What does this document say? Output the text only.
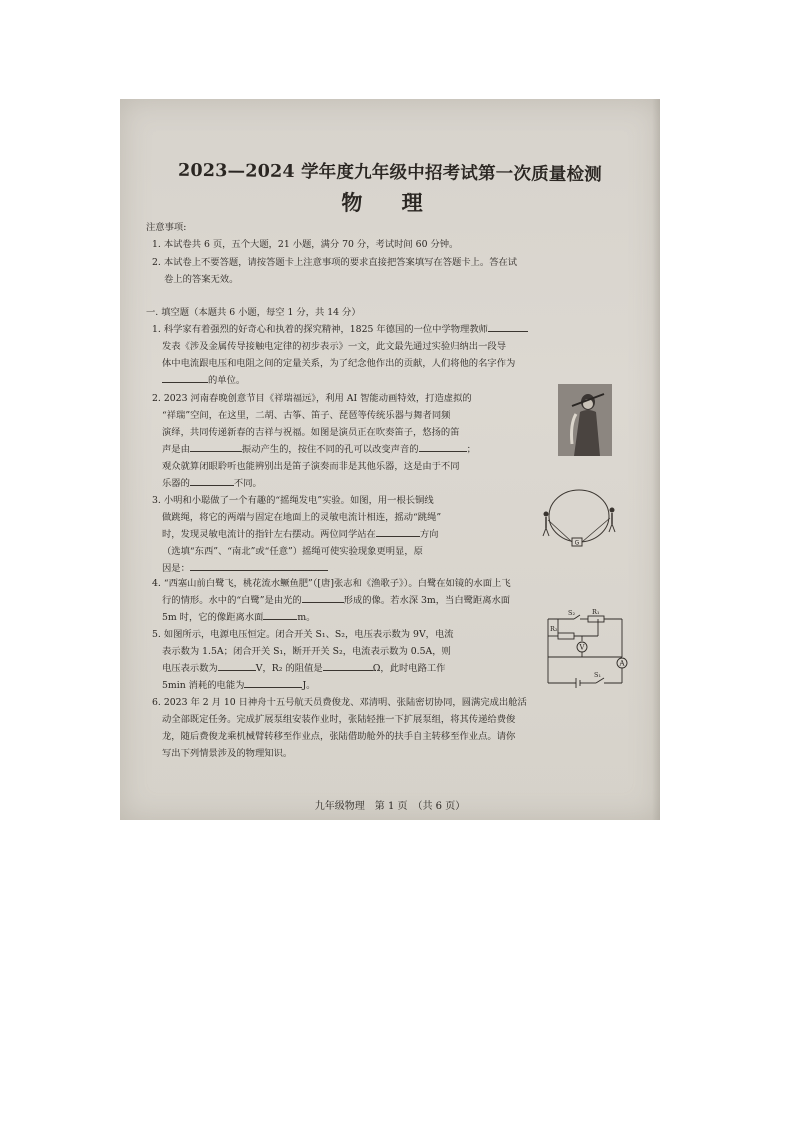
2023—2024 学年度九年级中招考试第一次质量检测
物 理
注意事项:
1. 本试卷共 6 页，五个大题，21 小题，满分 70 分，考试时间 60 分钟。
2. 本试卷上不要答题，请按答题卡上注意事项的要求直接把答案填写在答题卡上。答在试
卷上的答案无效。
一. 填空题（本题共 6 小题，每空 1 分，共 14 分）
1. 科学家有着强烈的好奇心和执着的探究精神，1825 年德国的一位中学物理教师
发表《涉及金属传导接触电定律的初步表示》一文，此文最先通过实验归纳出一段导
体中电流跟电压和电阻之间的定量关系，为了纪念他作出的贡献，人们将他的名字作为
的单位。
2. 2023 河南春晚创意节目《祥瑞福远》，利用 AI 智能动画特效，打造虚拟的
“祥瑞”空间，在这里，二胡、古筝、笛子、琵琶等传统乐器与舞者同频
演绎，共同传递新春的吉祥与祝福。如图是演员正在吹奏笛子，悠扬的笛
声是由	振动产生的，按住不同的孔可以改变声音的	；
观众就算闭眼聆听也能辨别出是笛子演奏而非是其他乐器，这是由于不同
乐器的	不同。
3. 小明和小聪做了一个有趣的“摇绳发电”实验。如图，用一根长铜线
做跳绳，将它的两端与固定在地面上的灵敏电流计相连，摇动“跳绳”
时，发现灵敏电流计的指针左右摆动。两位同学站在	方向
（选填“东西”、“南北”或“任意”）摇绳可使实验现象更明显，原
因是：
G
4. “西塞山前白鹭飞，桃花流水鳜鱼肥”（[唐]张志和《渔歌子》）。白鹭在如镜的水面上飞
行的情形。水中的“白鹭”是由光的	形成的像。若水深 3m，当白鹭距离水面
5m 时，它的像距离水面	m。
5. 如图所示，电源电压恒定。闭合开关 S₁、S₂，电压表示数为 9V，电流
表示数为 1.5A；闭合开关 S₁，断开开关 S₂，电流表示数为 0.5A，则
电压表示数为	V，R₂ 的阻值是	Ω，此时电路工作
5min 消耗的电能为	J。
S₂	R₁
R₂
V
A
S₁
6. 2023 年 2 月 10 日神舟十五号航天员费俊龙、邓清明、张陆密切协同，圆满完成出舱活
动全部既定任务。完成扩展泵组安装作业时，张陆轻推一下扩展泵组，将其传递给费俊
龙，随后费俊龙乘机械臂转移至作业点，张陆借助舱外的扶手自主转移至作业点。请你
写出下列情景涉及的物理知识。
九年级物理　第 1 页　（共 6 页）
